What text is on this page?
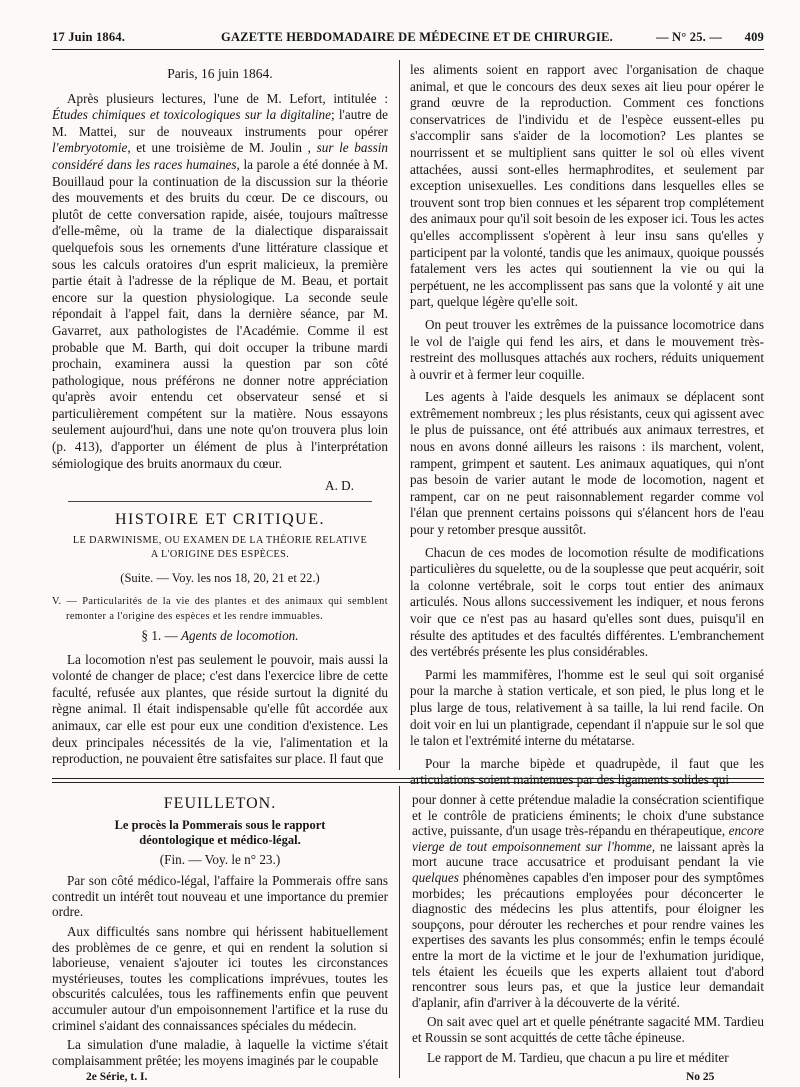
17 Juin 1864.	GAZETTE HEBDOMADAIRE DE MÉDECINE ET DE CHIRURGIE.	— N° 25. — 409
Paris, 16 juin 1864.

Après plusieurs lectures, l'une de M. Lefort, intitulée : Études chimiques et toxicologiques sur la digitaline; l'autre de M. Mattei, sur de nouveaux instruments pour opérer l'embryotomie, et une troisième de M. Joulin , sur le bassin considéré dans les races humaines, la parole a été donnée à M. Bouillaud pour la continuation de la discussion sur la théorie des mouvements et des bruits du cœur. De ce discours, ou plutôt de cette conversation rapide, aisée, toujours maîtresse d'elle-même, où la trame de la dialectique disparaissait quelquefois sous les ornements d'une littérature classique et sous les calculs oratoires d'un esprit malicieux, la première partie était à l'adresse de la réplique de M. Beau, et portait encore sur la question physiologique. La seconde seule répondait à l'appel fait, dans la dernière séance, par M. Gavarret, aux pathologistes de l'Académie. Comme il est probable que M. Barth, qui doit occuper la tribune mardi prochain, examinera aussi la question par son côté pathologique, nous préférons ne donner notre appréciation qu'après avoir entendu cet observateur sensé et si particulièrement compétent sur la matière. Nous essayons seulement aujourd'hui, dans une note qu'on trouvera plus loin (p. 413), d'apporter un élément de plus à l'interprétation sémiologique des bruits anormaux du cœur.

A. D.
HISTOIRE ET CRITIQUE.
LE DARWINISME, OU EXAMEN DE LA THÉORIE RELATIVE
A L'ORIGINE DES ESPÈCES.
(Suite. — Voy. les nos 18, 20, 21 et 22.)
V. — Particularités de la vie des plantes et des animaux qui semblent remonter a l'origine des espèces et les rendre immuables.
§ 1. — Agents de locomotion.

La locomotion n'est pas seulement le pouvoir, mais aussi la volonté de changer de place; c'est dans l'exercice libre de cette faculté, refusée aux plantes, que réside surtout la dignité du règne animal. Il était indispensable qu'elle fût accordée aux animaux, car elle est pour eux une condition d'existence. Les deux principales nécessités de la vie, l'alimentation et la reproduction, ne pouvaient être satisfaites sur place. Il faut que

les aliments soient en rapport avec l'organisation de chaque animal, et que le concours des deux sexes ait lieu pour opérer le grand œuvre de la reproduction. Comment ces fonctions conservatrices de l'individu et de l'espèce eussent-elles pu s'accomplir sans s'aider de la locomotion? Les plantes se nourrissent et se multiplient sans quitter le sol où elles vivent attachées, aussi sont-elles hermaphrodites, et seulement par exception unisexuelles. Les conditions dans lesquelles elles se trouvent sont trop bien connues et les séparent trop complétement des animaux pour qu'il soit besoin de les exposer ici. Tous les actes qu'elles accomplissent s'opèrent à leur insu sans qu'elles y participent par la volonté, tandis que les animaux, quoique poussés fatalement vers les actes qui soutiennent la vie ou qui la perpétuent, ne les accomplissent pas sans que la volonté y ait une part, quelque légère qu'elle soit.

On peut trouver les extrêmes de la puissance locomotrice dans le vol de l'aigle qui fend les airs, et dans le mouvement très-restreint des mollusques attachés aux rochers, réduits uniquement à ouvrir et à fermer leur coquille.

Les agents à l'aide desquels les animaux se déplacent sont extrêmement nombreux ; les plus résistants, ceux qui agissent avec le plus de puissance, ont été attribués aux animaux terrestres, et nous en avons donné ailleurs les raisons : ils marchent, volent, rampent, grimpent et sautent. Les animaux aquatiques, qui n'ont pas besoin de varier autant le mode de locomotion, nagent et rampent, car on ne peut raisonnablement regarder comme vol l'élan que prennent certains poissons qui s'élancent hors de l'eau pour y retomber presque aussitôt.

Chacun de ces modes de locomotion résulte de modifications particulières du squelette, ou de la souplesse que peut acquérir, soit la colonne vertébrale, soit le corps tout entier des animaux articulés. Nous allons successivement les indiquer, et nous ferons voir que ce n'est pas au hasard qu'elles sont dues, puisqu'il en résulte des aptitudes et des facultés différentes. L'embranchement des vertébrés présente les plus considérables.

Parmi les mammifères, l'homme est le seul qui soit organisé pour la marche à station verticale, et son pied, le plus long et le plus large de tous, relativement à sa taille, la lui rend facile. On doit voir en lui un plantigrade, cependant il n'appuie sur le sol que le talon et l'extrémité interne du métatarse.

Pour la marche bipède et quadrupède, il faut que les articulations soient maintenues par des ligaments solides qui

FEUILLETON.
Le procès la Pommerais sous le rapport
déontologique et médico-légal.
(Fin. — Voy. le n° 23.)

Par son côté médico-légal, l'affaire la Pommerais offre sans contredit un intérêt tout nouveau et une importance du premier ordre.

Aux difficultés sans nombre qui hérissent habituellement des problèmes de ce genre, et qui en rendent la solution si laborieuse, venaient s'ajouter ici toutes les circonstances mystérieuses, toutes les complications imprévues, toutes les obscurités calculées, tous les raffinements enfin que peuvent accumuler autour d'un empoisonnement l'artifice et la ruse du criminel s'aidant des connaissances spéciales du médecin.

La simulation d'une maladie, à laquelle la victime s'était complaisamment prêtée; les moyens imaginés par le coupable

pour donner à cette prétendue maladie la consécration scientifique et le contrôle de praticiens éminents; le choix d'une substance active, puissante, d'un usage très-répandu en thérapeutique, encore vierge de tout empoisonnement sur l'homme, ne laissant après la mort aucune trace accusatrice et produisant pendant la vie quelques phénomènes capables d'en imposer pour des symptômes morbides; les précautions employées pour déconcerter le diagnostic des médecins les plus attentifs, pour éloigner les soupçons, pour dérouter les recherches et pour rendre vaines les expertises des savants les plus consommés; enfin le temps écoulé entre la mort de la victime et le jour de l'exhumation juridique, tels étaient les écueils que les experts allaient tout d'abord rencontrer sous leurs pas, et que la justice leur demandait d'aplanir, afin d'arriver à la découverte de la vérité.

On sait avec quel art et quelle pénétrante sagacité MM. Tardieu et Roussin se sont acquittés de cette tâche épineuse.

Le rapport de M. Tardieu, que chacun a pu lire et méditer

2e Série, t. I.	No 25
